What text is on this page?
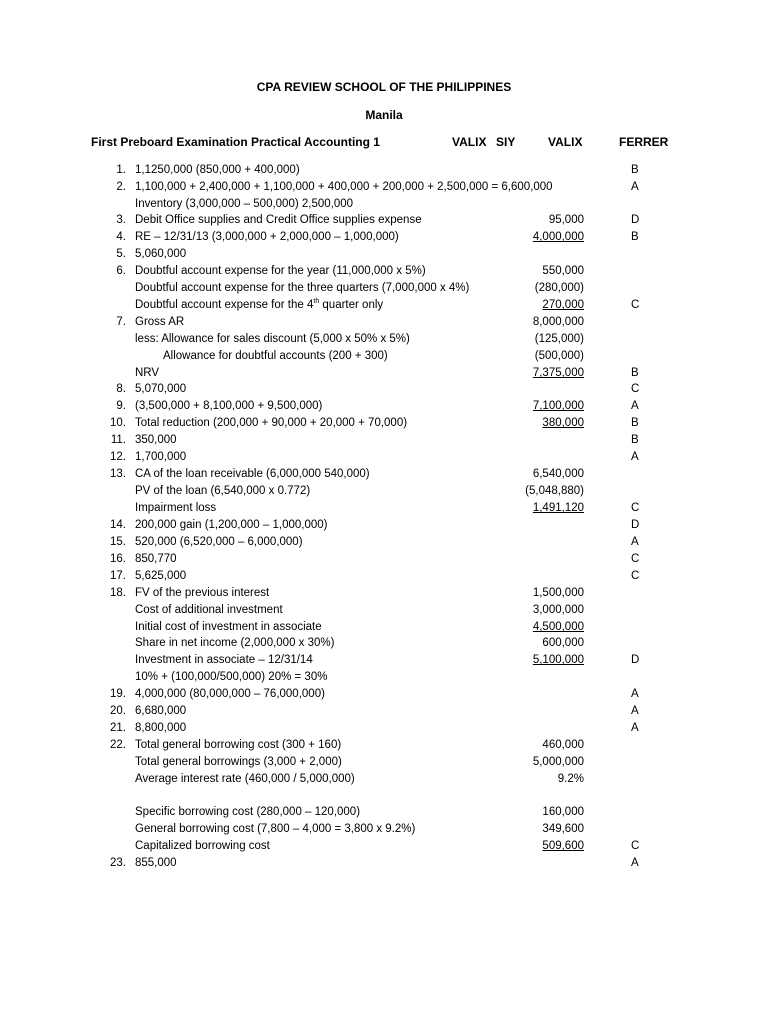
CPA REVIEW SCHOOL OF THE PHILIPPINES
Manila
First Preboard Examination Practical Accounting 1	VALIX SIY	VALIX	FERRER
1. 1,1250,000 (850,000 + 400,000)	B
2. 1,100,000 + 2,400,000 + 1,100,000 + 400,000 + 200,000 + 2,500,000 = 6,600,000	A
Inventory (3,000,000 – 500,000) 2,500,000
3. Debit Office supplies and Credit Office supplies expense	95,000	D
4. RE – 12/31/13 (3,000,000 + 2,000,000 – 1,000,000)	4,000,000	B
5. 5,060,000
6. Doubtful account expense for the year (11,000,000 x 5%)	550,000
Doubtful account expense for the three quarters (7,000,000 x 4%)	(280,000)
Doubtful account expense for the 4th quarter only	270,000	C
7. Gross AR	8,000,000
less: Allowance for sales discount (5,000 x 50% x 5%)	(125,000)
Allowance for doubtful accounts (200 + 300)	(500,000)
NRV	7,375,000	B
8. 5,070,000	C
9. (3,500,000 + 8,100,000 + 9,500,000)	7,100,000	A
10. Total reduction (200,000 + 90,000 + 20,000 + 70,000)	380,000	B
11. 350,000	B
12. 1,700,000	A
13. CA of the loan receivable (6,000,000 540,000)	6,540,000
PV of the loan (6,540,000 x 0.772)	(5,048,880)
Impairment loss	1,491,120	C
14. 200,000 gain (1,200,000 – 1,000,000)	D
15. 520,000 (6,520,000 – 6,000,000)	A
16. 850,770	C
17. 5,625,000	C
18. FV of the previous interest	1,500,000
Cost of additional investment	3,000,000
Initial cost of investment in associate	4,500,000
Share in net income (2,000,000 x 30%)	600,000
Investment in associate – 12/31/14	5,100,000	D
10% + (100,000/500,000) 20% = 30%
19. 4,000,000 (80,000,000 – 76,000,000)	A
20. 6,680,000	A
21. 8,800,000	A
22. Total general borrowing cost (300 + 160)	460,000
Total general borrowings (3,000 + 2,000)	5,000,000
Average interest rate (460,000 / 5,000,000)	9.2%
Specific borrowing cost (280,000 – 120,000)	160,000
General borrowing cost (7,800 – 4,000 = 3,800 x 9.2%)	349,600
Capitalized borrowing cost	509,600	C
23. 855,000	A
